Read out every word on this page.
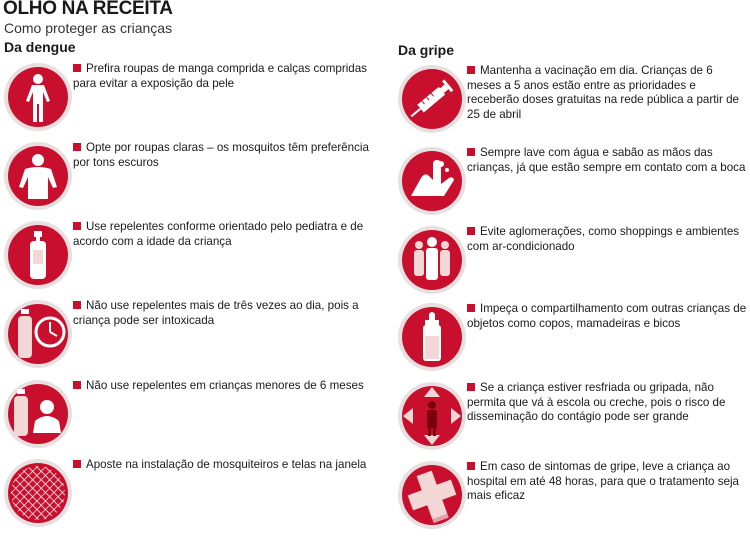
OLHO NA RECEITA
Como proteger as crianças
Da dengue	Da gripe
Prefira roupas de manga comprida e calças compridas para evitar a exposição da pele
Opte por roupas claras – os mosquitos têm preferência por tons escuros
Use repelentes conforme orientado pelo pediatra e de acordo com a idade da criança
Não use repelentes mais de três vezes ao dia, pois a criança pode ser intoxicada
Não use repelentes em crianças menores de 6 meses
Aposte na instalação de mosquiteiros e telas na janela
Mantenha a vacinação em dia. Crianças de 6 meses a 5 anos estão entre as prioridades e receberão doses gratuitas na rede pública a partir de 25 de abril
Sempre lave com água e sabão as mãos das crianças, já que estão sempre em contato com a boca
Evite aglomerações, como shoppings e ambientes com ar-condicionado
Impeça o compartilhamento com outras crianças de objetos como copos, mamadeiras e bicos
Se a criança estiver resfriada ou gripada, não permita que vá à escola ou creche, pois o risco de disseminação do contágio pode ser grande
Em caso de sintomas de gripe, leve a criança ao hospital em até 48 horas, para que o tratamento seja mais eficaz
